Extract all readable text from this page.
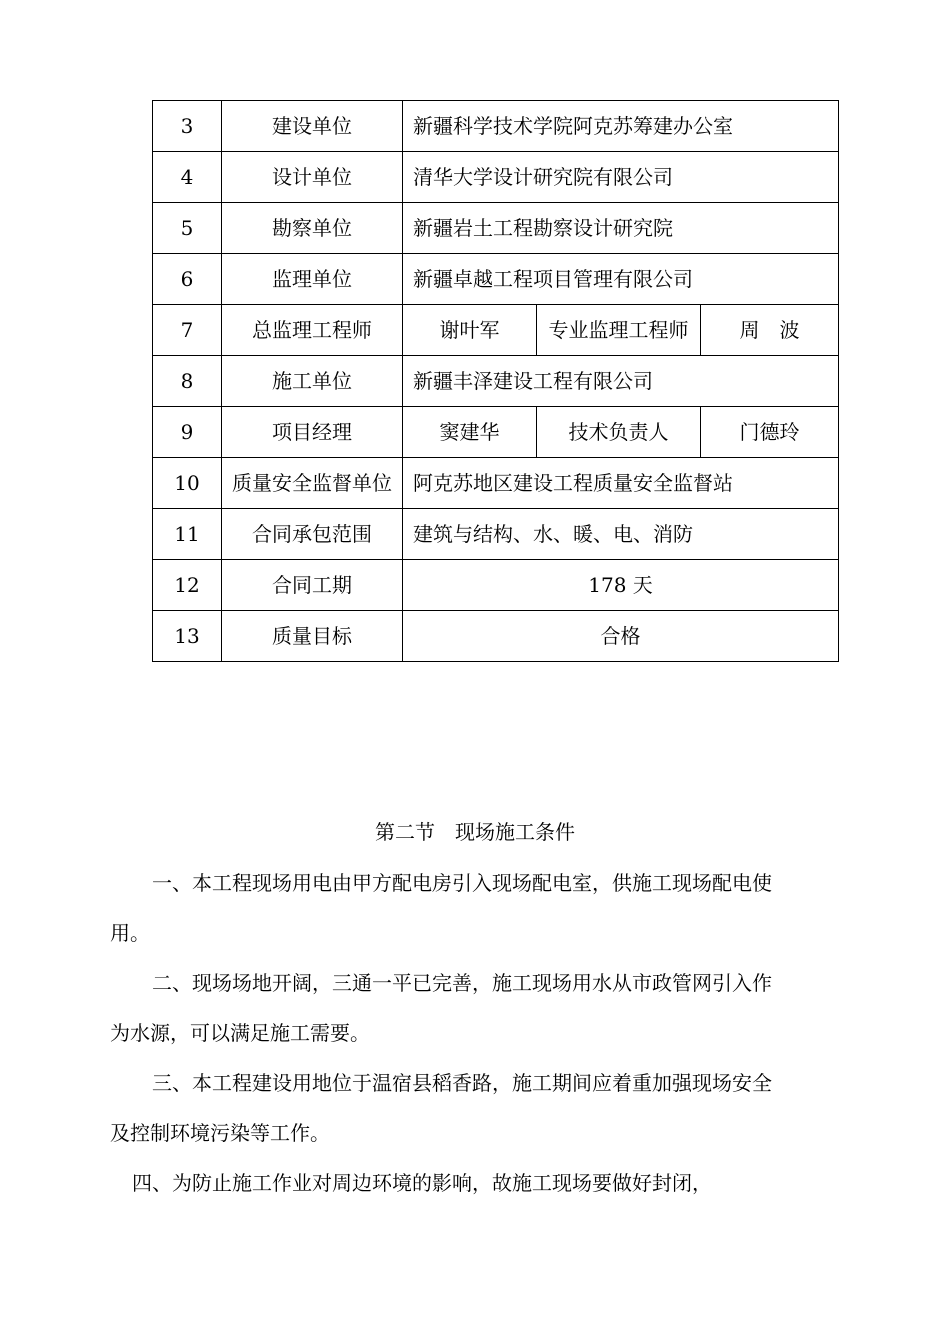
3	建设单位	新疆科学技术学院阿克苏筹建办公室		
4	设计单位	清华大学设计研究院有限公司		
5	勘察单位	新疆岩土工程勘察设计研究院		
6	监理单位	新疆卓越工程项目管理有限公司		
7	总监理工程师	谢叶军	专业监理工程师	周　波
8	施工单位	新疆丰泽建设工程有限公司		
9	项目经理	窦建华	技术负责人	门德玲
10	质量安全监督单位	阿克苏地区建设工程质量安全监督站		
11	合同承包范围	建筑与结构、水、暖、电、消防		
12	合同工期	178 天		
13	质量目标	合格		
第二节　现场施工条件

一、本工程现场用电由甲方配电房引入现场配电室，供施工现场配电使用。

二、现场场地开阔，三通一平已完善，施工现场用水从市政管网引入作为水源，可以满足施工需要。

三、本工程建设用地位于温宿县稻香路，施工期间应着重加强现场安全及控制环境污染等工作。

四、为防止施工作业对周边环境的影响，故施工现场要做好封闭，
